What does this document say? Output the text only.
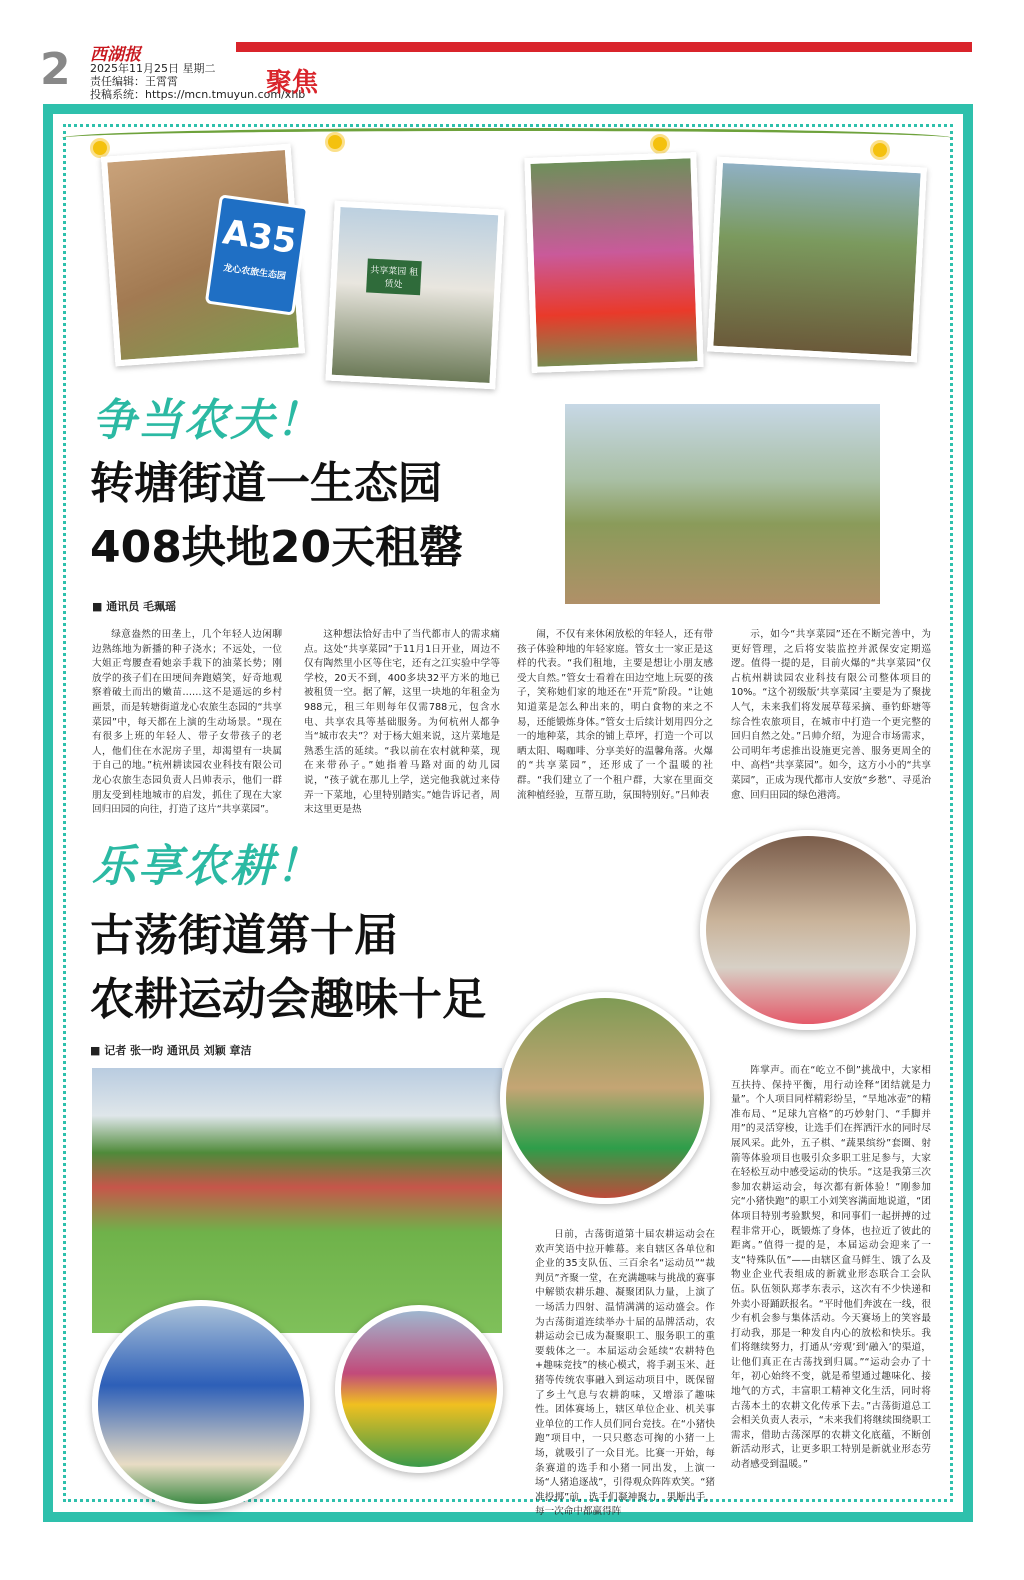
2 西湖报
2025年11月25日 星期二
责任编辑：王霄霄
投稿系统：https://mcn.tmuyun.com/xhb
聚焦
A35
龙心农旅生态园	共享菜园 租赁处
争当农夫！
转塘街道一生态园
408块地20天租罄
■ 通讯员 毛珮瑶

绿意盎然的田垄上，几个年轻人边闲聊边熟练地为新播的种子浇水；不远处，一位大姐正弯腰查看她亲手栽下的油菜长势；刚放学的孩子们在田埂间奔跑嬉笑，好奇地观察着破土而出的嫩苗……这不是遥远的乡村画景，而是转塘街道龙心农旅生态园的“共享菜园”中，每天都在上演的生动场景。“现在有很多上班的年轻人、带子女带孩子的老人，他们住在水泥房子里，却渴望有一块属于自己的地。”杭州耕读园农业科技有限公司龙心农旅生态园负责人吕帅表示，他们一群朋友受到桂地城市的启发，抓住了现在大家回归田园的向往，打造了这片“共享菜园”。

这种想法恰好击中了当代都市人的需求痛点。这处“共享菜园”于11月1日开业，周边不仅有陶然里小区等住宅，还有之江实验中学等学校，20天不到，400多块32平方米的地已被租赁一空。据了解，这里一块地的年租金为988元，租三年则每年仅需788元，包含水电、共享农具等基础服务。为何杭州人都争当“城市农夫”？对于杨大姐来说，这片菜地是熟悉生活的延续。“我以前在农村就种菜，现在来带孙子。”她指着马路对面的幼儿园说，“孩子就在那儿上学，送完他我就过来侍弄一下菜地，心里特别踏实。”她告诉记者，周末这里更是热

闹，不仅有来休闲放松的年轻人，还有带孩子体验种地的年轻家庭。管女士一家正是这样的代表。“我们租地，主要是想让小朋友感受大自然。”管女士看着在田边空地上玩耍的孩子，笑称她们家的地还在“开荒”阶段。“让她知道菜是怎么种出来的，明白食物的来之不易，还能锻炼身体。”管女士后续计划用四分之一的地种菜，其余的铺上草坪，打造一个可以晒太阳、喝咖啡、分享美好的温馨角落。火爆的“共享菜园”，还形成了一个温暖的社群。“我们建立了一个租户群，大家在里面交流种植经验，互帮互助，氛围特别好。”吕帅表

示，如今“共享菜园”还在不断完善中，为更好管理，之后将安装监控并派保安定期巡逻。值得一提的是，目前火爆的“共享菜园”仅占杭州耕读园农业科技有限公司整体项目的10%。“这个初级版‘共享菜园’主要是为了聚拢人气，未来我们将发展草莓采摘、垂钓虾塘等综合性农旅项目，在城市中打造一个更完整的回归自然之处。”吕帅介绍，为迎合市场需求，公司明年考虑推出设施更完善、服务更周全的中、高档“共享菜园”。如今，这方小小的“共享菜园”，正成为现代都市人安放“乡愁”、寻觅治愈、回归田园的绿色港湾。

乐享农耕！
古荡街道第十届
农耕运动会趣味十足
■ 记者 张一昀 通讯员 刘颖 章洁

日前，古荡街道第十届农耕运动会在欢声笑语中拉开帷幕。来自辖区各单位和企业的35支队伍、三百余名“运动员”“裁判员”齐聚一堂，在充满趣味与挑战的赛事中解锁农耕乐趣、凝聚团队力量，上演了一场活力四射、温情满满的运动盛会。作为古荡街道连续举办十届的品牌活动，农耕运动会已成为凝聚职工、服务职工的重要载体之一。本届运动会延续“农耕特色+趣味竞技”的核心模式，将手剥玉米、赶猪等传统农事融入到运动项目中，既保留了乡土气息与农耕韵味，又增添了趣味性。团体赛场上，辖区单位企业、机关事业单位的工作人员们同台竞技。在“小猪快跑”项目中，一只只憨态可掬的小猪一上场，就吸引了一众目光。比赛一开始，每条赛道的选手和小猪一同出发，上演一场“人猪追逐战”，引得观众阵阵欢笑。“猪准投掷”前，选手们凝神聚力，果断出手，每一次命中都赢得阵

阵掌声。而在“屹立不倒”挑战中，大家相互扶持、保持平衡，用行动诠释“团结就是力量”。个人项目同样精彩纷呈，“旱地冰壶”的精准布局、“足球九宫格”的巧妙射门、“手脚并用”的灵活穿梭，让选手们在挥洒汗水的同时尽展风采。此外，五子棋、“蔬果缤纷”套圈、射箭等体验项目也吸引众多职工驻足参与，大家在轻松互动中感受运动的快乐。“这是我第三次参加农耕运动会，每次都有新体验！”刚参加完“小猪快跑”的职工小刘笑容满面地说道，“团体项目特别考验默契，和同事们一起拼搏的过程非常开心，既锻炼了身体，也拉近了彼此的距离。”值得一提的是，本届运动会迎来了一支“特殊队伍”——由辖区盒马鲜生、饿了么及物业企业代表组成的新就业形态联合工会队伍。队伍领队郑孝东表示，这次有不少快递和外卖小哥踊跃报名。“平时他们奔波在一线，很少有机会参与集体活动。今天赛场上的笑容最打动我，那是一种发自内心的放松和快乐。我们将继续努力，打通从‘旁观’到‘融入’的渠道，让他们真正在古荡找到归属。”“运动会办了十年，初心始终不变，就是希望通过趣味化、接地气的方式，丰富职工精神文化生活，同时将古荡本土的农耕文化传承下去。”古荡街道总工会相关负责人表示，“未来我们将继续围绕职工需求，借助古荡深厚的农耕文化底蕴，不断创新活动形式，让更多职工特别是新就业形态劳动者感受到温暖。”
